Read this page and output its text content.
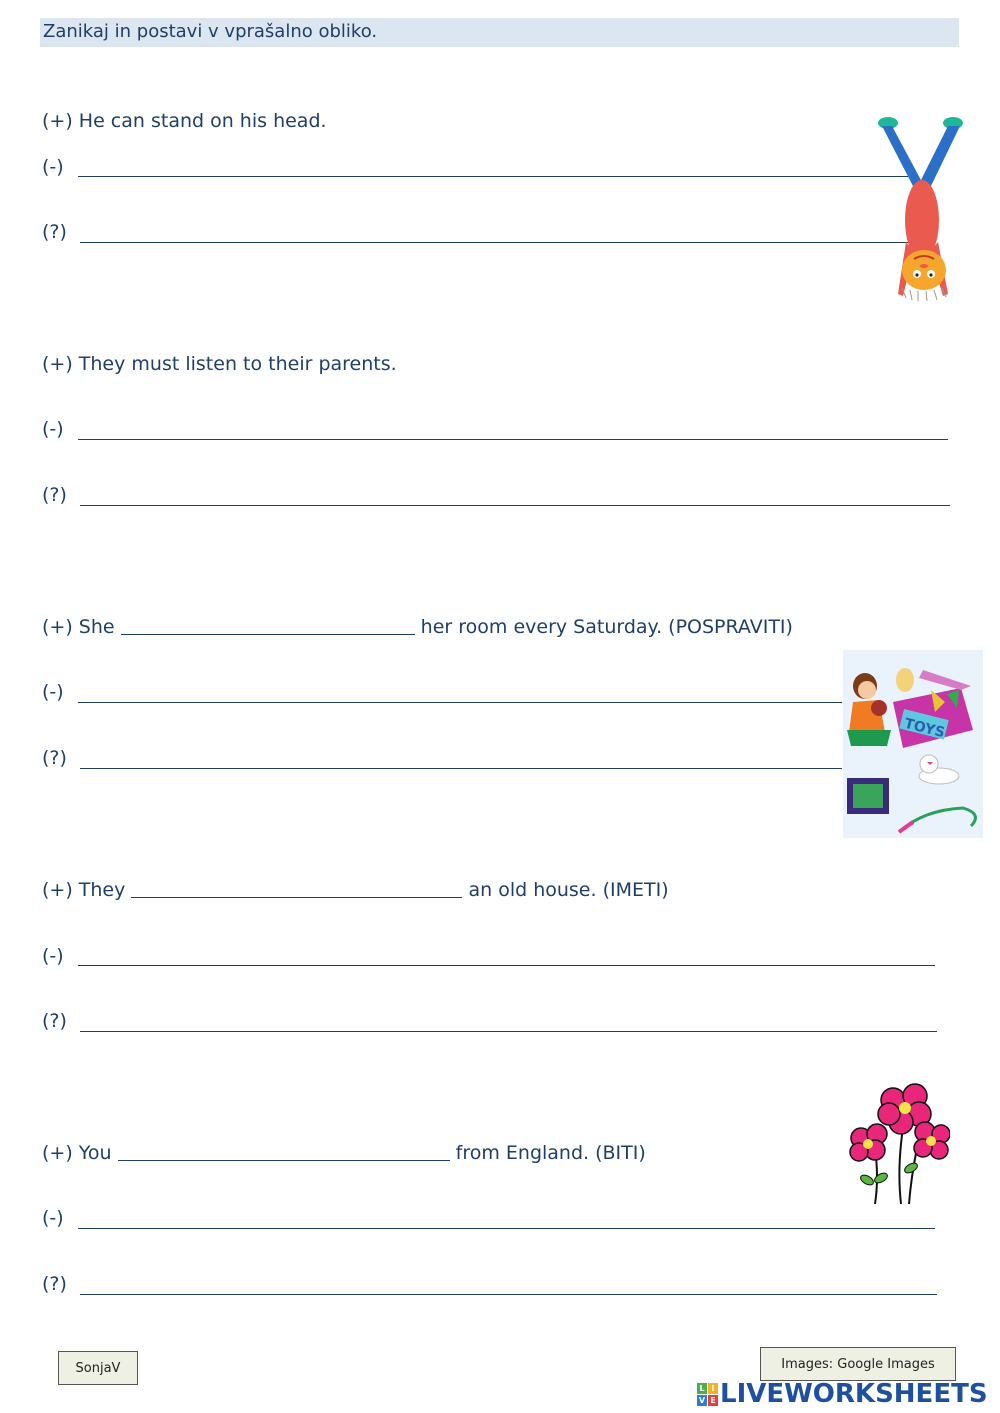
Zanikaj in postavi v vprašalno obliko.
(+) He can stand on his head.
(-)
(?)
(+) They must listen to their parents.
(-)
(?)
(+) She	her room every Saturday. (POSPRAVITI)
(-)
(?)
TOYS
(+) They	an old house. (IMETI)
(-)
(?)
(+) You	from England. (BITI)
(-)
(?)
SonjaV	Images: Google Images
L I
V E LIVEWORKSHEETS
